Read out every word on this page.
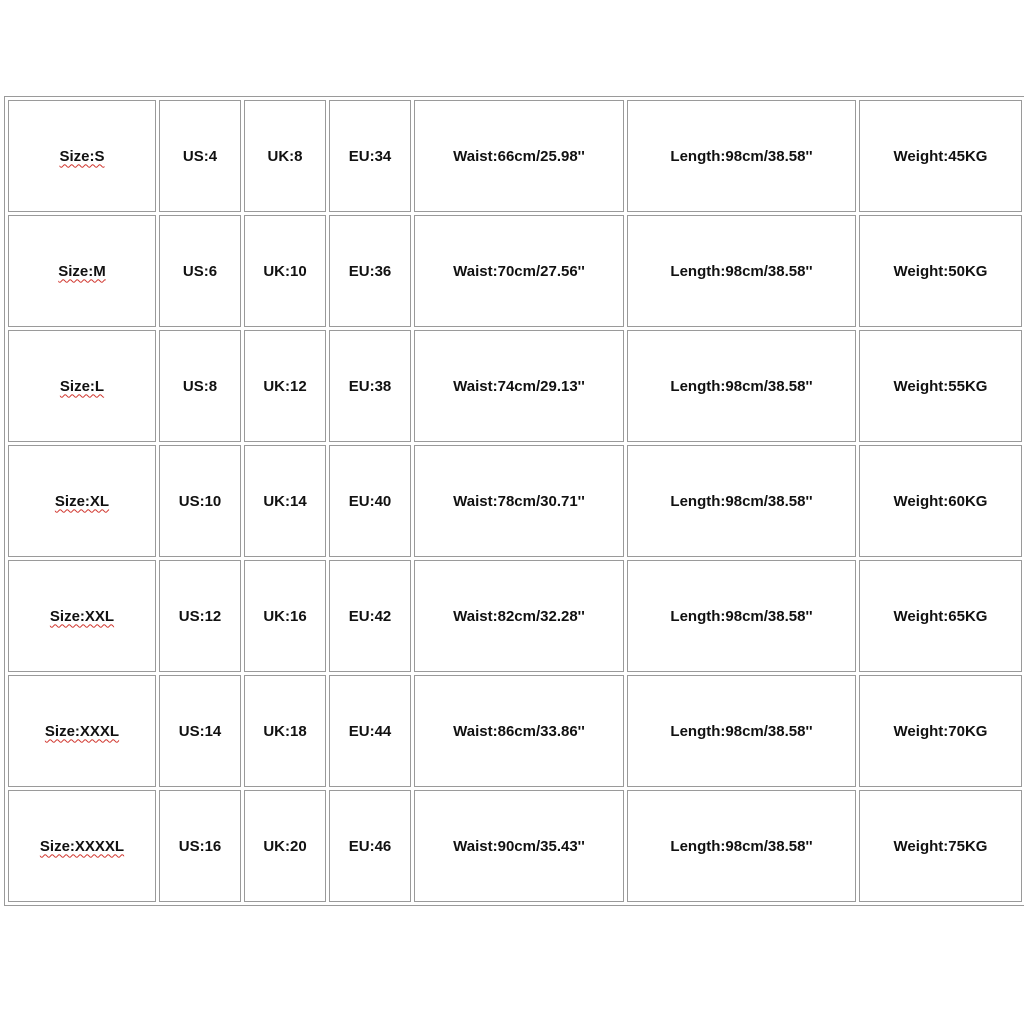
Size:S	US:4	UK:8	EU:34	Waist:66cm/25.98''	Length:98cm/38.58''	Weight:45KG
Size:M	US:6	UK:10	EU:36	Waist:70cm/27.56''	Length:98cm/38.58''	Weight:50KG
Size:L	US:8	UK:12	EU:38	Waist:74cm/29.13''	Length:98cm/38.58''	Weight:55KG
Size:XL	US:10	UK:14	EU:40	Waist:78cm/30.71''	Length:98cm/38.58''	Weight:60KG
Size:XXL	US:12	UK:16	EU:42	Waist:82cm/32.28''	Length:98cm/38.58''	Weight:65KG
Size:XXXL	US:14	UK:18	EU:44	Waist:86cm/33.86''	Length:98cm/38.58''	Weight:70KG
Size:XXXXL	US:16	UK:20	EU:46	Waist:90cm/35.43''	Length:98cm/38.58''	Weight:75KG
